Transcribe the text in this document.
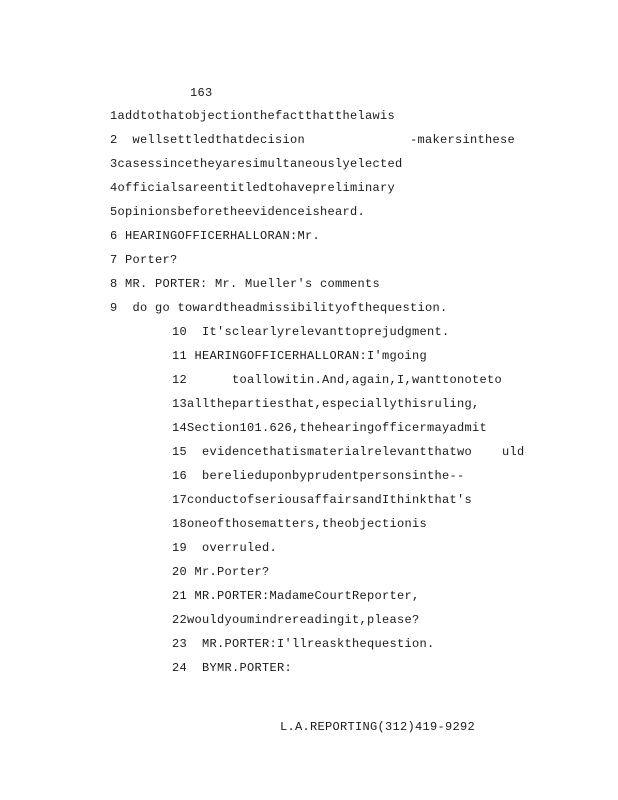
163
1addtothatobjectionthefactthatthelawis
2  wellsettledthatdecision              -makersinthese
3casessincetheyaresimultaneouslyelected
4officialsareentitledtohavepreliminary
5opinionsbeforetheevidenceisheard.
6 HEARINGOFFICERHALLORAN:Mr.
7 Porter?
8 MR. PORTER: Mr. Mueller's comments
9  do go towardtheadmissibilityofthequestion.
10  It'sclearlyrelevanttoprejudgment.
11 HEARINGOFFICERHALLORAN:I'mgoing
12      toallowitin.And,again,I,wanttonoteto
13allthepartiesthat,especiallythisruling,
14Section101.626,thehearingofficermayadmit
15  evidencethatismaterialrelevantthatwo    uld
16  berelieduponbyprudentpersonsinthe--
17conductofseriousaffairsandIthinkthat's
18oneofthosematters,theobjectionis
19  overruled.
20 Mr.Porter?
21 MR.PORTER:MadameCourtReporter,
22wouldyoumindrereadingit,please?
23  MR.PORTER:I'llreaskthequestion.
24  BYMR.PORTER:
L.A.REPORTING(312)419-9292
